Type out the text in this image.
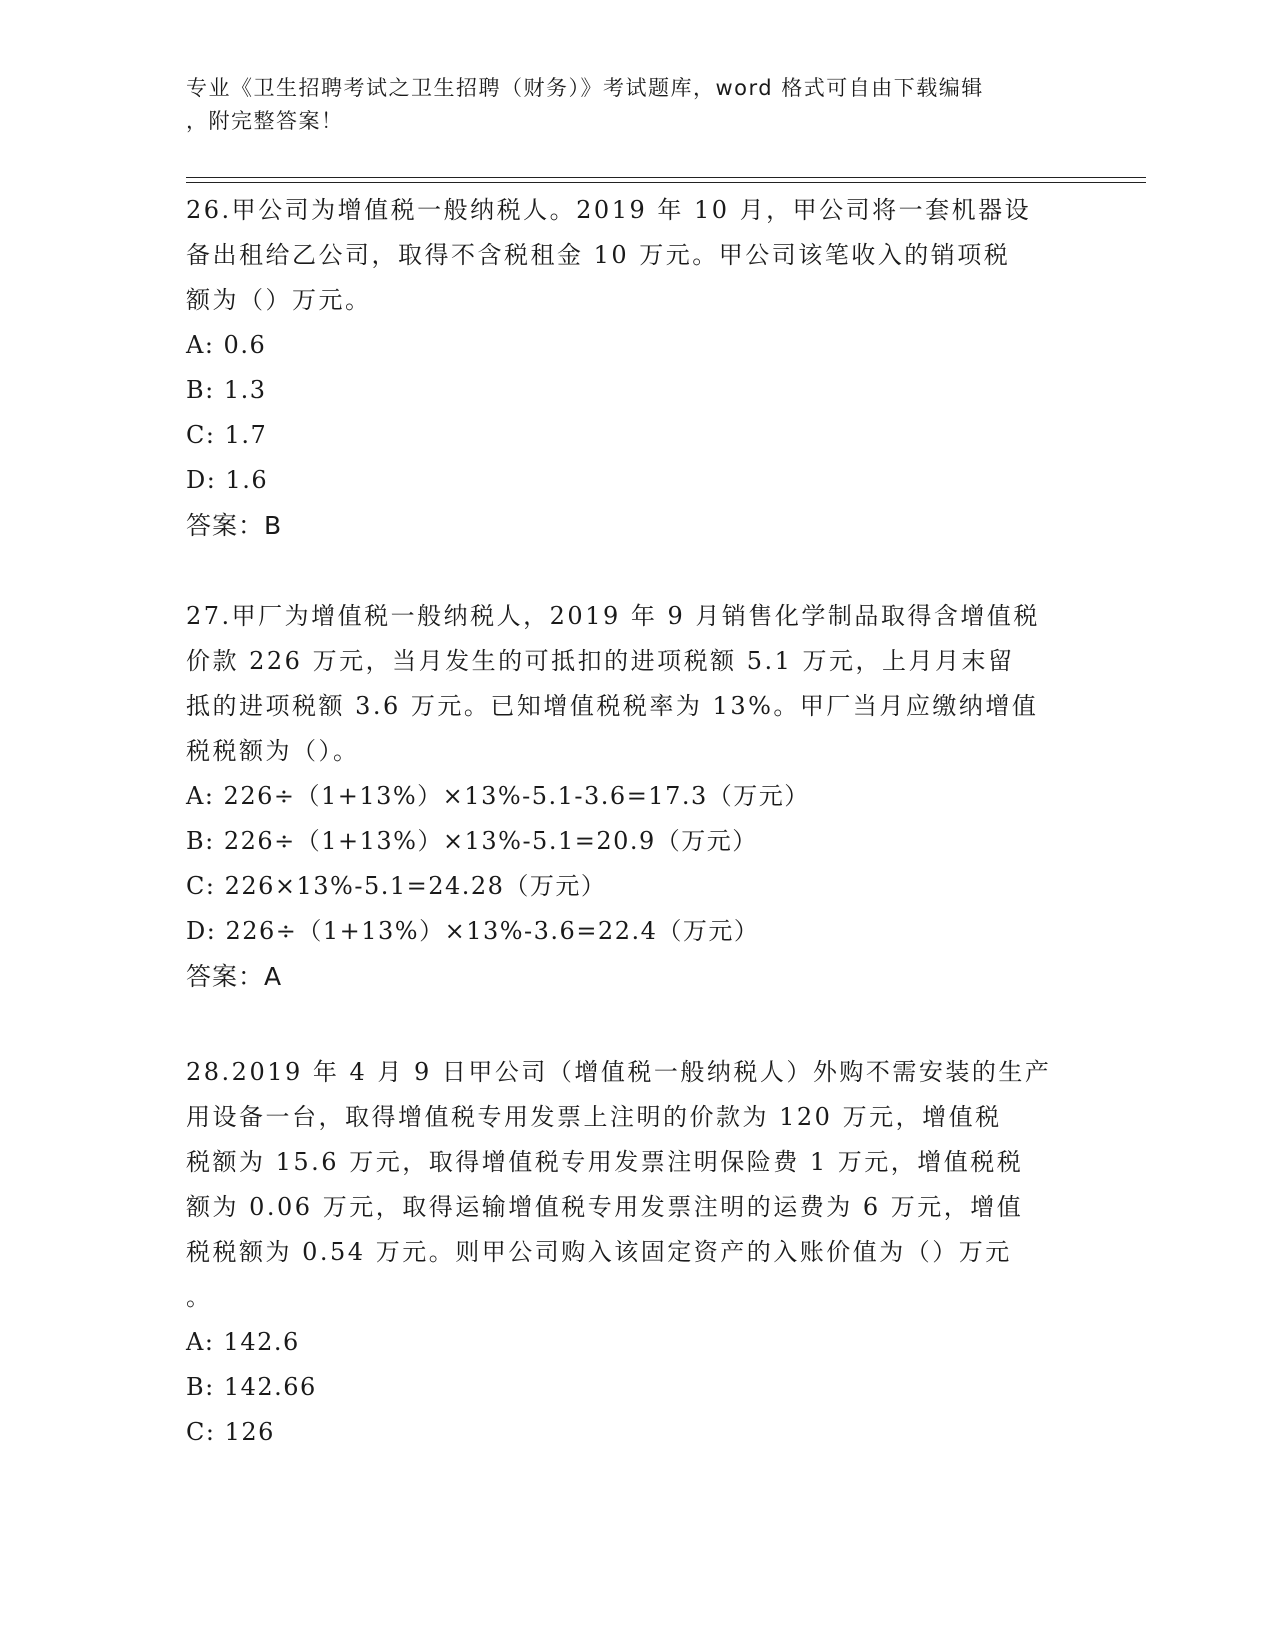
专业《卫生招聘考试之卫生招聘（财务）》考试题库，word 格式可自由下载编辑
，附完整答案！
26.甲公司为增值税一般纳税人。2019 年 10 月，甲公司将一套机器设
备出租给乙公司，取得不含税租金 10 万元。甲公司该笔收入的销项税
额为（）万元。
A: 0.6
B: 1.3
C: 1.7
D: 1.6
答案：B
27.甲厂为增值税一般纳税人，2019 年 9 月销售化学制品取得含增值税
价款 226 万元，当月发生的可抵扣的进项税额 5.1 万元，上月月末留
抵的进项税额 3.6 万元。已知增值税税率为 13%。甲厂当月应缴纳增值
税税额为（）。
A: 226÷（1+13%）×13%-5.1-3.6=17.3（万元）
B: 226÷（1+13%）×13%-5.1=20.9（万元）
C: 226×13%-5.1=24.28（万元）
D: 226÷（1+13%）×13%-3.6=22.4（万元）
答案：A
28.2019 年 4 月 9 日甲公司（增值税一般纳税人）外购不需安装的生产
用设备一台，取得增值税专用发票上注明的价款为 120 万元，增值税
税额为 15.6 万元，取得增值税专用发票注明保险费 1 万元，增值税税
额为 0.06 万元，取得运输增值税专用发票注明的运费为 6 万元，增值
税税额为 0.54 万元。则甲公司购入该固定资产的入账价值为（）万元
。
A: 142.6
B: 142.66
C: 126
